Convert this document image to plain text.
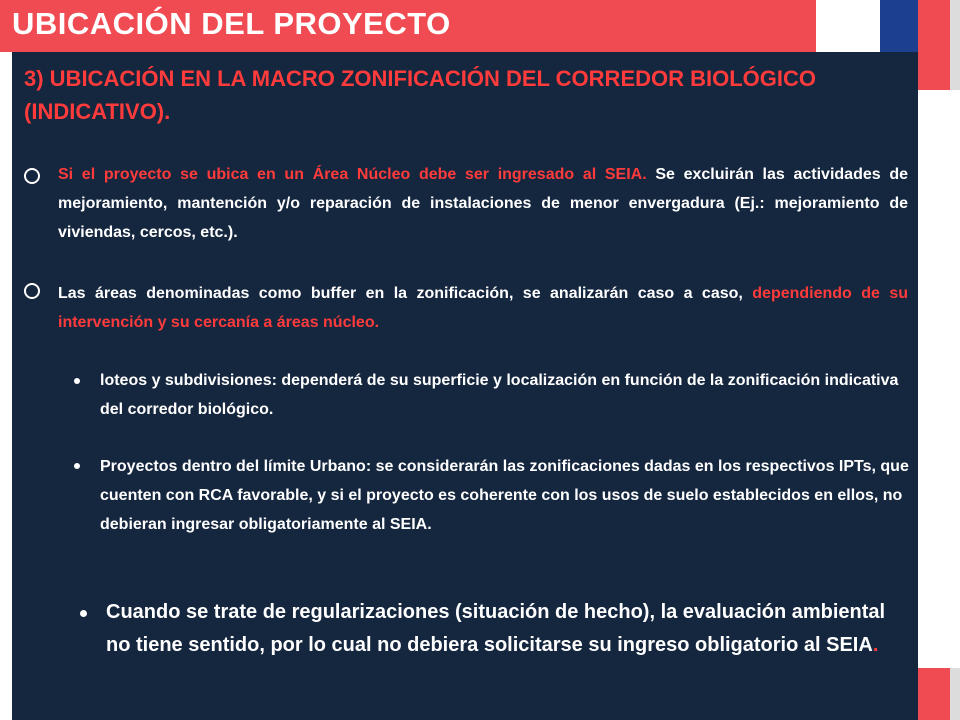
UBICACIÓN DEL PROYECTO
3) UBICACIÓN EN LA MACRO ZONIFICACIÓN DEL CORREDOR BIOLÓGICO (INDICATIVO).
Si el proyecto se ubica en un Área Núcleo debe ser ingresado al SEIA. Se excluirán las actividades de mejoramiento, mantención y/o reparación de instalaciones de menor envergadura (Ej.: mejoramiento de viviendas, cercos, etc.).
Las áreas denominadas como buffer en la zonificación, se analizarán caso a caso, dependiendo de su intervención y su cercanía a áreas núcleo.
loteos y subdivisiones: dependerá de su superficie y localización en función de la zonificación indicativa del corredor biológico.
Proyectos dentro del límite Urbano: se considerarán las zonificaciones dadas en los respectivos IPTs, que cuenten con RCA favorable, y si el proyecto es coherente con los usos de suelo establecidos en ellos, no debieran ingresar obligatoriamente al SEIA.
Cuando se trate de regularizaciones (situación de hecho), la evaluación ambiental no tiene sentido, por lo cual no debiera solicitarse su ingreso obligatorio al SEIA.
